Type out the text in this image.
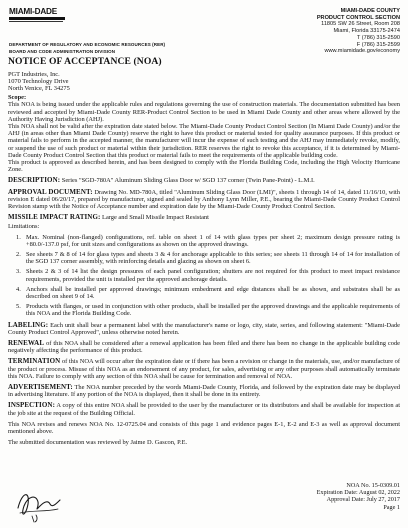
MIAMI-DADE
DEPARTMENT OF REGULATORY AND ECONOMIC RESOURCES (RER)
BOARD AND CODE ADMINISTRATION DIVISION
MIAMI-DADE COUNTY
PRODUCT CONTROL SECTION
11805 SW 26 Street, Room 208
Miami, Florida 33175-2474
T (786) 315-2590
F (786) 315-2599
www.miamidade.gov/economy
NOTICE OF ACCEPTANCE (NOA)
PGT Industries, Inc.
1070 Technology Drive
North Venice, FL 34275
Scope:

This NOA is being issued under the applicable rules and regulations governing the use of construction materials. The documentation submitted has been reviewed and accepted by Miami-Dade County RER-Product Control Section to be used in Miami Dade County and other areas where allowed by the Authority Having Jurisdiction (AHJ).

This NOA shall not be valid after the expiration date stated below. The Miami-Dade County Product Control Section (In Miami Dade County) and/or the AHJ (in areas other than Miami Dade County) reserve the right to have this product or material tested for quality assurance purposes. If this product or material fails to perform in the accepted manner, the manufacturer will incur the expense of such testing and the AHJ may immediately revoke, modify, or suspend the use of such product or material within their jurisdiction. RER reserves the right to revoke this acceptance, if it is determined by Miami-Dade County Product Control Section that this product or material fails to meet the requirements of the applicable building code.

This product is approved as described herein, and has been designed to comply with the Florida Building Code, including the High Velocity Hurricane Zone.

DESCRIPTION: Series "SGD-780A" Aluminum Sliding Glass Door w/ SGD 137 corner (Twin Pane-Point) - L.M.I.
APPROVAL DOCUMENT: Drawing No. MD-780A, titled "Aluminum Sliding Glass Door (LMI)", sheets 1 through 14 of 14, dated 11/16/10, with revision E dated 06/20/17, prepared by manufacturer, signed and sealed by Anthony Lynn Miller, P.E., bearing the Miami-Dade County Product Control Revision stamp with the Notice of Acceptance number and expiration date by the Miami-Dade County Product Control Section.
MISSILE IMPACT RATING: Large and Small Missile Impact Resistant
Limitations:
1. Max. Nominal (non-flanged) configurations, ref. table on sheet 1 of 14 with glass types per sheet 2; maximum design pressure rating is +80.0/-137.0 psf, for unit sizes and configurations as shown on the approved drawings.
2. See sheets 7 & 8 of 14 for glass types and sheets 3 & 4 for anchorage applicable to this series; see sheets 11 through 14 of 14 for installation of the SGD 137 corner assembly, with reinforcing details and glazing as shown on sheet 6.
3. Sheets 2 & 3 of 14 list the design pressures of each panel configuration; shutters are not required for this product to meet impact resistance requirements, provided the unit is installed per the approved anchorage details.
4. Anchors shall be installed per approved drawings; minimum embedment and edge distances shall be as shown, and substrates shall be as described on sheet 9 of 14.
5. Products with flanges, or used in conjunction with other products, shall be installed per the approved drawings and the applicable requirements of this NOA and the Florida Building Code.
LABELING: Each unit shall bear a permanent label with the manufacturer's name or logo, city, state, series, and following statement: "Miami-Dade County Product Control Approved", unless otherwise noted herein.
RENEWAL of this NOA shall be considered after a renewal application has been filed and there has been no change in the applicable building code negatively affecting the performance of this product.
TERMINATION of this NOA will occur after the expiration date or if there has been a revision or change in the materials, use, and/or manufacture of the product or process. Misuse of this NOA as an endorsement of any product, for sales, advertising or any other purposes shall automatically terminate this NOA. Failure to comply with any section of this NOA shall be cause for termination and removal of NOA.
ADVERTISEMENT: The NOA number preceded by the words Miami-Dade County, Florida, and followed by the expiration date may be displayed in advertising literature. If any portion of the NOA is displayed, then it shall be done in its entirety.
INSPECTION: A copy of this entire NOA shall be provided to the user by the manufacturer or its distributors and shall be available for inspection at the job site at the request of the Building Official.
This NOA revises and renews NOA No. 12-0725.04 and consists of this page 1 and evidence pages E-1, E-2 and E-3 as well as approval document mentioned above.
The submitted documentation was reviewed by Jaime D. Gascon, P.E.
NOA No. 15-0309.01
Expiration Date: August 02, 2022
Approval Date: July 27, 2017
Page 1
